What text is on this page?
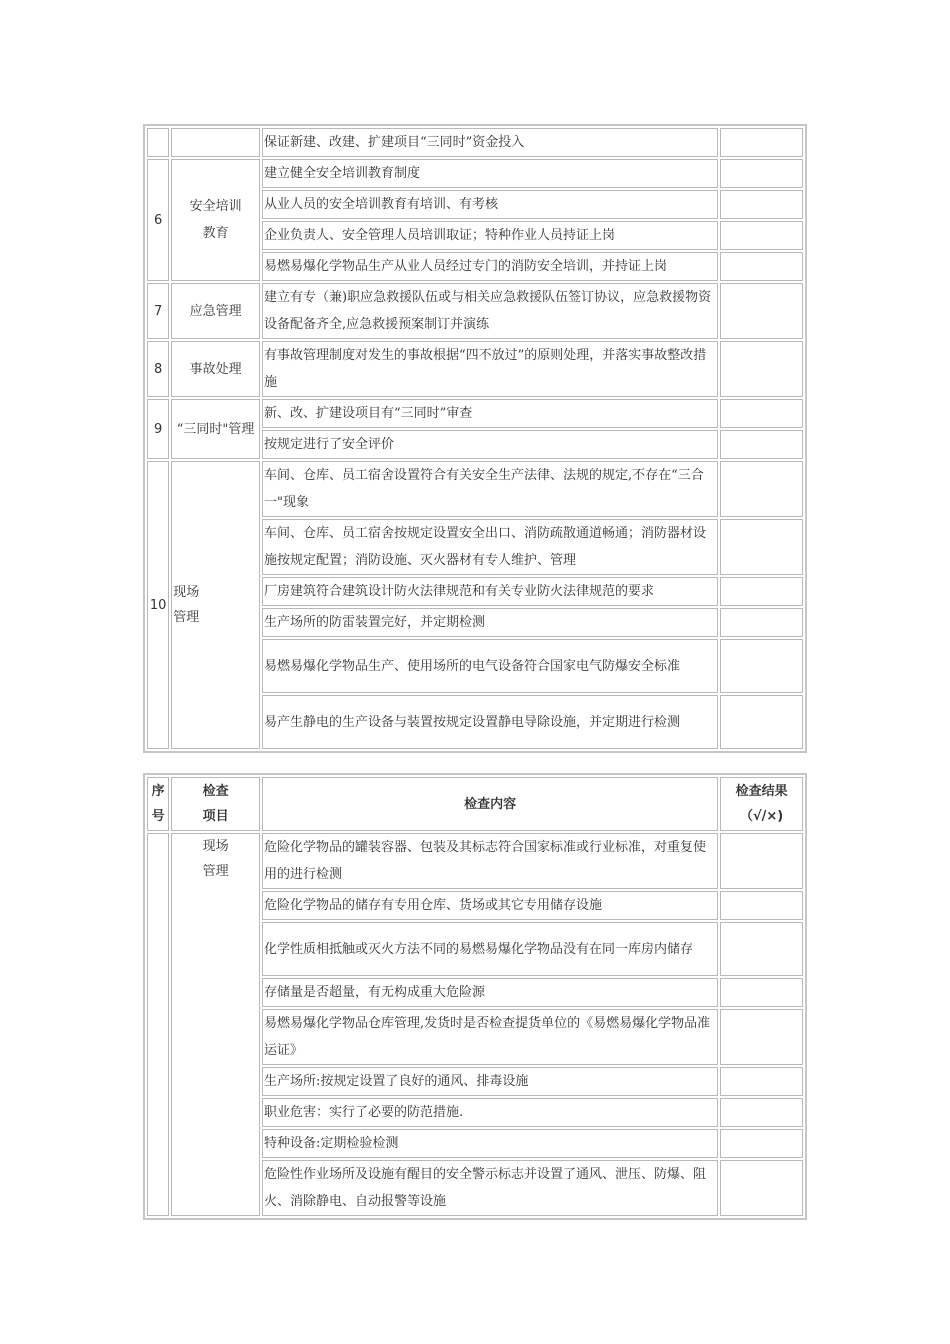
		保证新建、改建、扩建项目“三同时”资金投入	
6	安全培训教育	建立健全安全培训教育制度	
		从业人员的安全培训教育有培训、有考核	
		企业负责人、安全管理人员培训取证；特种作业人员持证上岗	
		易燃易爆化学物品生产从业人员经过专门的消防安全培训，并持证上岗	
7	应急管理	建立有专（兼)职应急救援队伍或与相关应急救援队伍签订协议，应急救援物资设备配备齐全,应急救援预案制订并演练	
8	事故处理	有事故管理制度对发生的事故根据“四不放过”的原则处理，并落实事故整改措施	
9	“三同时"管理	新、改、扩建设项目有“三同时”审查	
		按规定进行了安全评价	
10	现场管理	车间、仓库、员工宿舍设置符合有关安全生产法律、法规的规定,不存在“三合一"现象	
		车间、仓库、员工宿舍按规定设置安全出口、消防疏散通道畅通；消防器材设施按规定配置；消防设施、灭火器材有专人维护、管理	
		厂房建筑符合建筑设计防火法律规范和有关专业防火法律规范的要求	
		生产场所的防雷装置完好，并定期检测	
		易燃易爆化学物品生产、使用场所的电气设备符合国家电气防爆安全标准	
		易产生静电的生产设备与装置按规定设置静电导除设施，并定期进行检测	
序号	检查项目	检查内容	检查结果（√/×)

	现场管理	危险化学物品的罐装容器、包装及其标志符合国家标准或行业标准，对重复使用的进行检测	
		危险化学物品的储存有专用仓库、货场或其它专用储存设施	
		化学性质相抵触或灭火方法不同的易燃易爆化学物品没有在同一库房内储存	
		存储量是否超量，有无构成重大危险源	
		易燃易爆化学物品仓库管理,发货时是否检查提货单位的《易燃易爆化学物品准运证》	
		生产场所:按规定设置了良好的通风、排毒设施	
		职业危害：实行了必要的防范措施.	
		特种设备:定期检验检测	
		危险性作业场所及设施有醒目的安全警示标志并设置了通风、泄压、防爆、阻火、消除静电、自动报警等设施	
